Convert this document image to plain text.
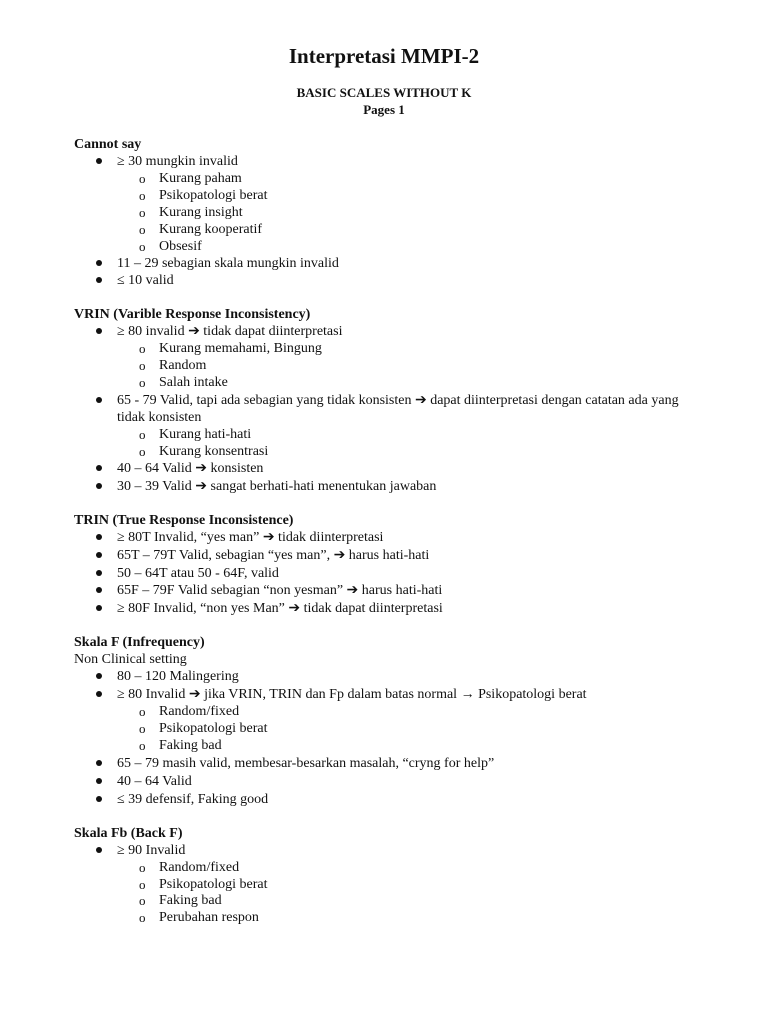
Interpretasi MMPI-2
BASIC SCALES WITHOUT K
Pages 1
Cannot say
≥ 30 mungkin invalid
o Kurang paham
o Psikopatologi berat
o Kurang insight
o Kurang kooperatif
o Obsesif
11 – 29 sebagian skala mungkin invalid
≤ 10 valid
VRIN (Varible Response Inconsistency)
≥ 80 invalid ➔ tidak dapat diinterpretasi
o Kurang memahami, Bingung
o Random
o Salah intake
65 - 79 Valid, tapi ada sebagian yang tidak konsisten ➔ dapat diinterpretasi dengan catatan ada yang tidak konsisten
o Kurang hati-hati
o Kurang konsentrasi
40 – 64 Valid ➔ konsisten
30 – 39 Valid ➔ sangat berhati-hati menentukan jawaban
TRIN (True Response Inconsistence)
≥ 80T Invalid, “yes man” ➔ tidak diinterpretasi
65T – 79T Valid, sebagian “yes man”, ➔ harus hati-hati
50 – 64T atau 50 - 64F, valid
65F – 79F Valid sebagian “non yesman” ➔ harus hati-hati
≥ 80F Invalid, “non yes Man” ➔ tidak dapat diinterpretasi
Skala F (Infrequency)
Non Clinical setting
80 – 120 Malingering
≥ 80 Invalid ➔ jika VRIN, TRIN dan Fp dalam batas normal → Psikopatologi berat
o Random/fixed
o Psikopatologi berat
o Faking bad
65 – 79 masih valid, membesar-besarkan masalah, “cryng for help”
40 – 64 Valid
≤ 39 defensif, Faking good
Skala Fb (Back F)
≥ 90 Invalid
o Random/fixed
o Psikopatologi berat
o Faking bad
o Perubahan respon
